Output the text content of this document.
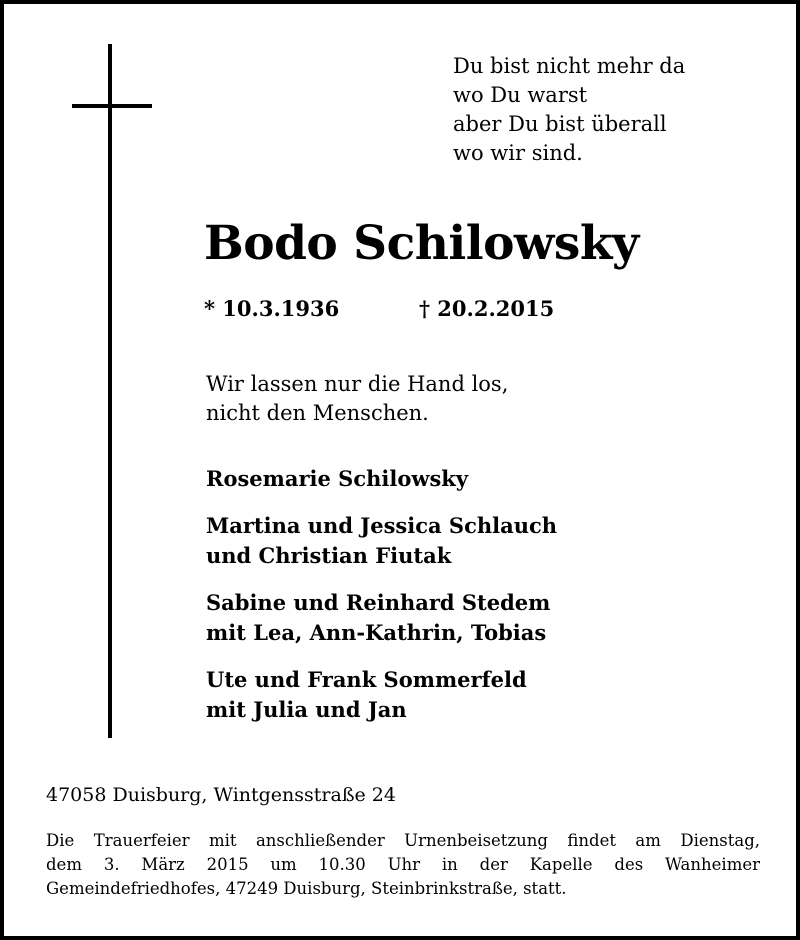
Du bist nicht mehr da
wo Du warst
aber Du bist überall
wo wir sind.
Bodo Schilowsky
* 10.3.1936	† 20.2.2015
Wir lassen nur die Hand los,
nicht den Menschen.
Rosemarie Schilowsky
Martina und Jessica Schlauch
und Christian Fiutak
Sabine und Reinhard Stedem
mit Lea, Ann-Kathrin, Tobias
Ute und Frank Sommerfeld
mit Julia und Jan
47058 Duisburg, Wintgensstraße 24
Die Trauerfeier mit anschließender Urnenbeisetzung findet am Dienstag,
dem 3. März 2015 um 10.30 Uhr in der Kapelle des Wanheimer
Gemeindefriedhofes, 47249 Duisburg, Steinbrinkstraße, statt.
